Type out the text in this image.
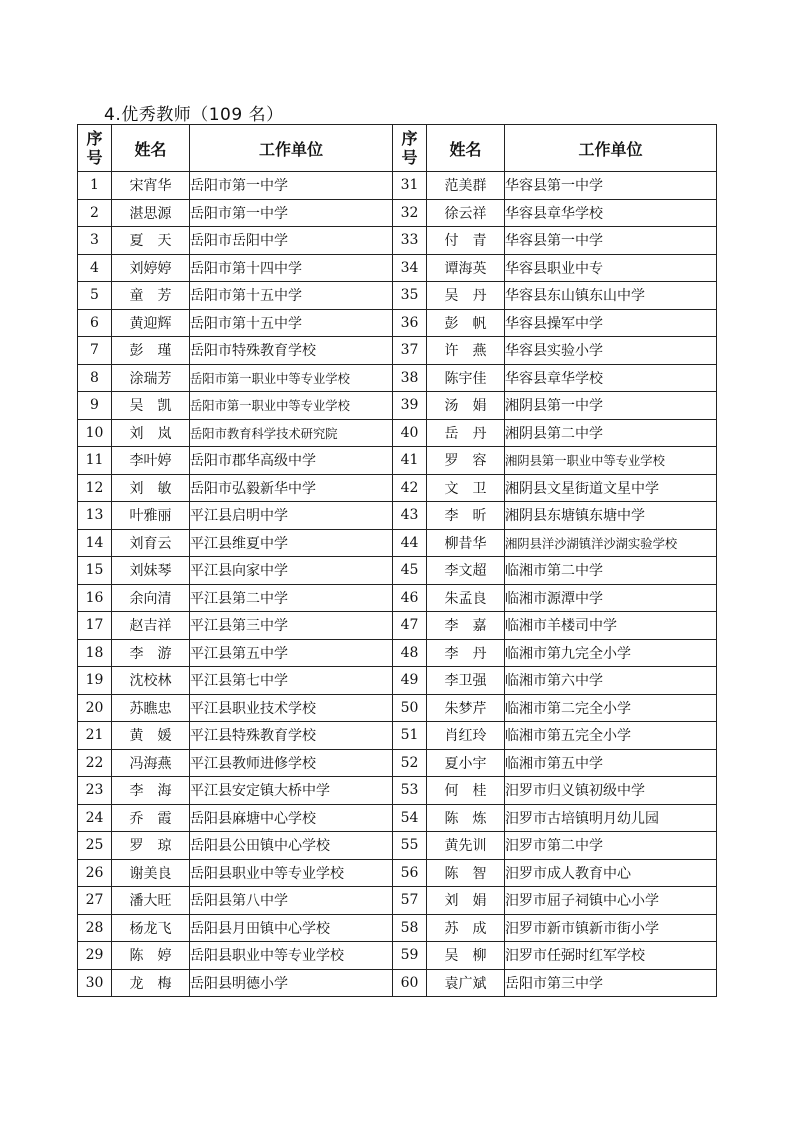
4.优秀教师（109 名）
序
号	姓名	工作单位	序
号	姓名	工作单位
1	宋宵华	岳阳市第一中学	31	范美群	华容县第一中学
2	湛思源	岳阳市第一中学	32	徐云祥	华容县章华学校
3	夏　天	岳阳市岳阳中学	33	付　青	华容县第一中学
4	刘婷婷	岳阳市第十四中学	34	谭海英	华容县职业中专
5	童　芳	岳阳市第十五中学	35	吴　丹	华容县东山镇东山中学
6	黄迎辉	岳阳市第十五中学	36	彭　帆	华容县操军中学
7	彭　瑾	岳阳市特殊教育学校	37	许　燕	华容县实验小学
8	涂瑞芳	岳阳市第一职业中等专业学校	38	陈宇佳	华容县章华学校
9	吴　凯	岳阳市第一职业中等专业学校	39	汤　娟	湘阴县第一中学
10	刘　岚	岳阳市教育科学技术研究院	40	岳　丹	湘阴县第二中学
11	李叶婷	岳阳市郡华高级中学	41	罗　容	湘阴县第一职业中等专业学校
12	刘　敏	岳阳市弘毅新华中学	42	文　卫	湘阴县文星街道文星中学
13	叶雅丽	平江县启明中学	43	李　昕	湘阴县东塘镇东塘中学
14	刘育云	平江县维夏中学	44	柳昔华	湘阴县洋沙湖镇洋沙湖实验学校
15	刘妹琴	平江县向家中学	45	李文超	临湘市第二中学
16	余向清	平江县第二中学	46	朱孟良	临湘市源潭中学
17	赵吉祥	平江县第三中学	47	李　嘉	临湘市羊楼司中学
18	李　游	平江县第五中学	48	李　丹	临湘市第九完全小学
19	沈校林	平江县第七中学	49	李卫强	临湘市第六中学
20	苏瞧忠	平江县职业技术学校	50	朱梦芹	临湘市第二完全小学
21	黄　媛	平江县特殊教育学校	51	肖红玲	临湘市第五完全小学
22	冯海燕	平江县教师进修学校	52	夏小宇	临湘市第五中学
23	李　海	平江县安定镇大桥中学	53	何　桂	汨罗市归义镇初级中学
24	乔　霞	岳阳县麻塘中心学校	54	陈　炼	汨罗市古培镇明月幼儿园
25	罗　琼	岳阳县公田镇中心学校	55	黄先训	汨罗市第二中学
26	谢美良	岳阳县职业中等专业学校	56	陈　智	汨罗市成人教育中心
27	潘大旺	岳阳县第八中学	57	刘　娟	汨罗市屈子祠镇中心小学
28	杨龙飞	岳阳县月田镇中心学校	58	苏　成	汨罗市新市镇新市街小学
29	陈　婷	岳阳县职业中等专业学校	59	吴　柳	汨罗市任弼时红军学校
30	龙　梅	岳阳县明德小学	60	袁广斌	岳阳市第三中学
